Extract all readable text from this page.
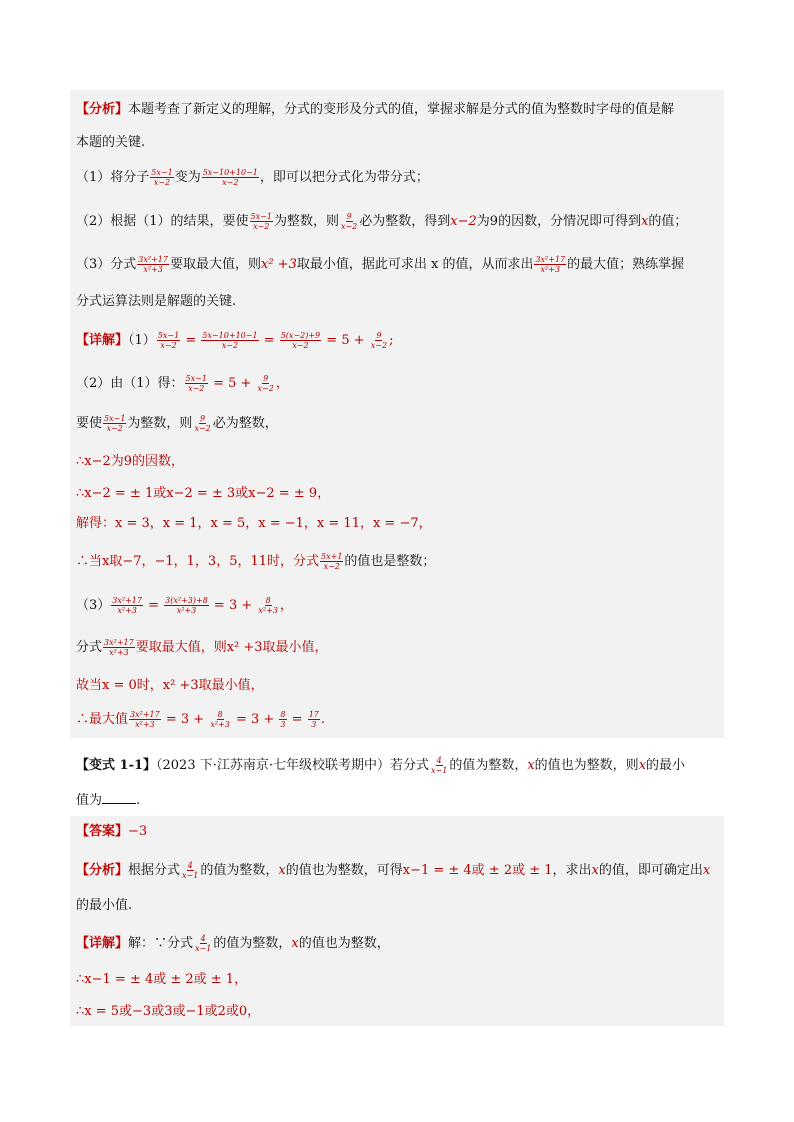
【分析】本题考查了新定义的理解，分式的变形及分式的值，掌握求解是分式的值为整数时字母的值是解
本题的关键.
（1）将分子 $\frac{5x-1}{x-2}$ 变为 $\frac{5x-10+10-1}{x-2}$ ，即可以把分式化为带分式；
（2）根据（1）的结果，要使 $\frac{5x-1}{x-2}$ 为整数，则 $\frac{9}{x-2}$ 必为整数，得到x−2为9的因数，分情况即可得到x的值；
（3）分式 $\frac{\text{3x²+17}}{\text{x²+3}}$ 要取最大值，则x² +3取最小值，据此可求出 x 的值，从而求出 $\frac{\text{3x²+17}}{\text{x²+3}}$ 的最大值；熟练掌握
分式运算法则是解题的关键.
【详解】$(1) \frac{5x-1}{x-2} = \frac{5x-10+10-1}{x-2} = \frac{5(x-2)+9}{x-2} = 5 + \frac{9}{x-2}$ ;
（2）由（1）得： $\frac{5x-1}{x-2} = 5 + \frac{9}{x-2}$ ，
要使 $\frac{5x-1}{x-2}$ 为整数，则 $\frac{9}{x-2}$ 必为整数，
∴x−2为9的因数，
∴x−2 = ± 1或x−2 = ± 3或x−2 = ± 9，
解得：x = 3，x = 1，x = 5，x = −1，x = 11，x = −7，
∴当x取−7，−1，1，3，5，11时，分式 $\frac{5x+1}{x-2}$ 的值也是整数；
$(3) \frac{\text{3x²+17}}{\text{x²+3}} = \frac{\text{3(x²+3)+8}}{\text{x²+3}} = 3 + \frac{8}{\text{x²+3}}$ ，
分式 $\frac{\text{3x²+17}}{\text{x²+3}}$ 要取最大值，则x² +3取最小值，
故当x = 0时，x² +3取最小值，
∴最大值 $\frac{\text{3x²+17}}{\text{x²+3}} = 3 + \frac{8}{\text{x²+3}} = 3 + \frac{8}{3} = \frac{17}{3}$ .
【变式 1-1】（2023 下·江苏南京·七年级校联考期中）若分式 $\frac{4}{x-1}$ 的值为整数，x的值也为整数，则x的最小
值为	.
【答案】−3
【分析】根据分式 $\frac{4}{x-1}$ 的值为整数，x的值也为整数，可得x−1 = ± 4或 ± 2或 ± 1，求出x的值，即可确定出x
的最小值.
【详解】解：∵分式 $\frac{4}{x-1}$ 的值为整数，x的值也为整数，
∴x−1 = ± 4或 ± 2或 ± 1，
∴x = 5或−3或3或−1或2或0，
